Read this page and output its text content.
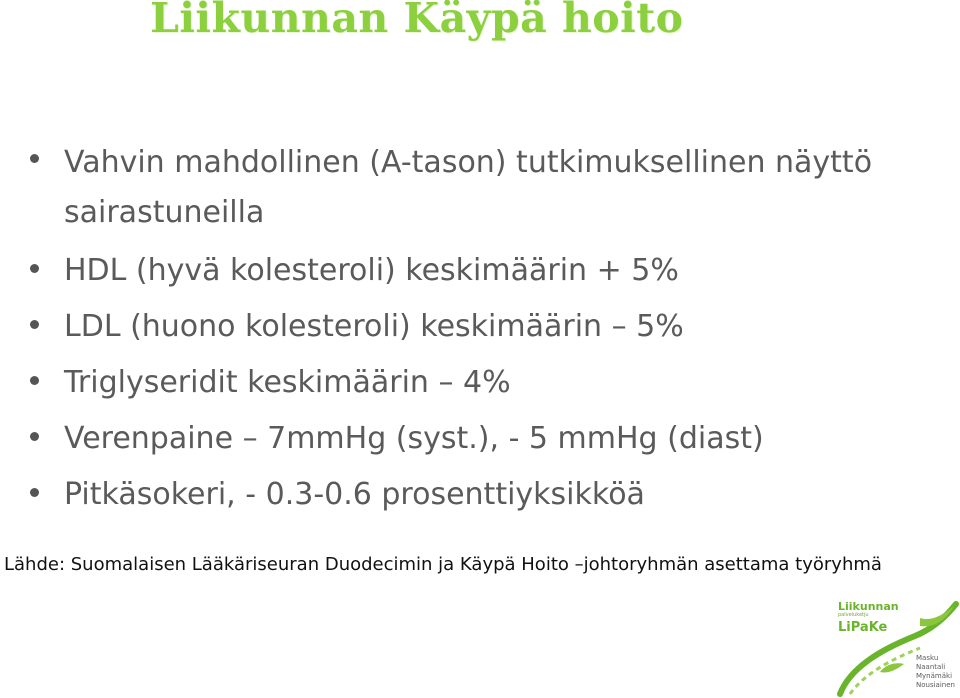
Liikunnan Käypä hoito
Vahvin mahdollinen (A-tason) tutkimuksellinen näyttö sairastuneilla
HDL (hyvä kolesteroli) keskimäärin + 5%
LDL (huono kolesteroli) keskimäärin – 5%
Triglyseridit keskimäärin – 4%
Verenpaine – 7mmHg (syst.), - 5 mmHg (diast)
Pitkäsokeri, - 0.3-0.6 prosenttiyksikköä
Lähde: Suomalaisen Lääkäriseuran Duodecimin ja Käypä Hoito –johtoryhmän asettama työryhmä
Liikunnan
palveluketju
LiPaKe
Masku
Naantali
Mynämäki
Nousiainen
